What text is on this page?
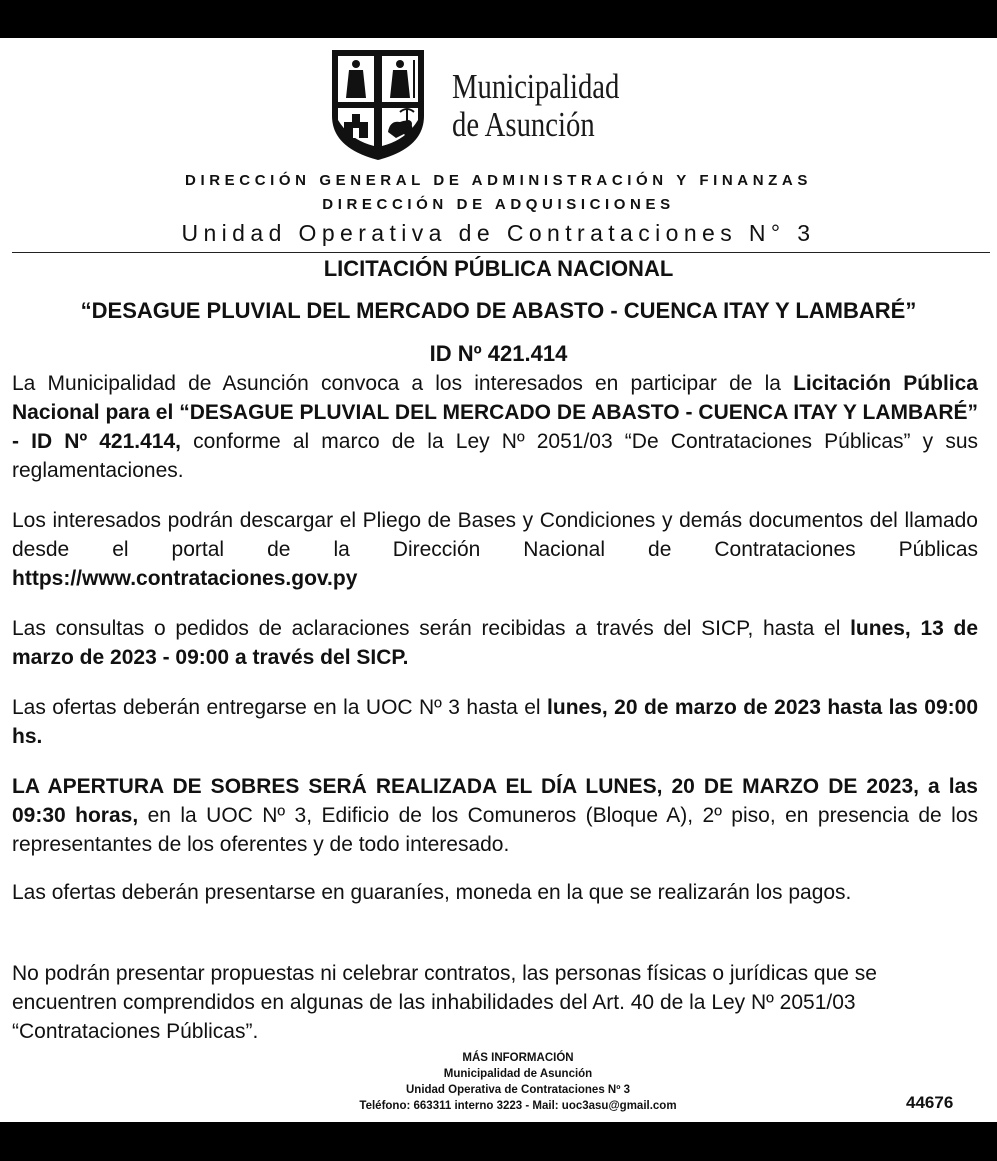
Municipalidad
de Asunción
DIRECCIÓN GENERAL DE ADMINISTRACIÓN Y FINANZAS
DIRECCIÓN DE ADQUISICIONES
Unidad Operativa de Contrataciones N° 3
LICITACIÓN PÚBLICA NACIONAL
“DESAGUE PLUVIAL DEL MERCADO DE ABASTO - CUENCA ITAY Y LAMBARÉ”
ID Nº 421.414
La Municipalidad de Asunción convoca a los interesados en participar de la Licitación Pública Nacional para el “DESAGUE PLUVIAL DEL MERCADO DE ABASTO - CUENCA ITAY Y LAMBARÉ” - ID Nº 421.414, conforme al marco de la Ley Nº 2051/03 “De Contrataciones Públicas” y sus reglamentaciones.
Los interesados podrán descargar el Pliego de Bases y Condiciones y demás documentos del llamado desde el portal de la Dirección Nacional de Contrataciones Públicas https://www.contrataciones.gov.py
Las consultas o pedidos de aclaraciones serán recibidas a través del SICP, hasta el lunes, 13 de marzo de 2023 - 09:00 a través del SICP.
Las ofertas deberán entregarse en la UOC Nº 3 hasta el lunes, 20 de marzo de 2023 hasta las 09:00 hs.
LA APERTURA DE SOBRES SERÁ REALIZADA EL DÍA LUNES, 20 DE MARZO DE 2023, a las 09:30 horas, en la UOC Nº 3, Edificio de los Comuneros (Bloque A), 2º piso, en presencia de los representantes de los oferentes y de todo interesado.
Las ofertas deberán presentarse en guaraníes, moneda en la que se realizarán los pagos.
No podrán presentar propuestas ni celebrar contratos, las personas físicas o jurídicas que se encuentren comprendidos en algunas de las inhabilidades del Art. 40 de la Ley Nº 2051/03 “Contrataciones Públicas”.
MÁS INFORMACIÓN
Municipalidad de Asunción
Unidad Operativa de Contrataciones Nº 3
Teléfono: 663311 interno 3223 - Mail: uoc3asu@gmail.com	44676
